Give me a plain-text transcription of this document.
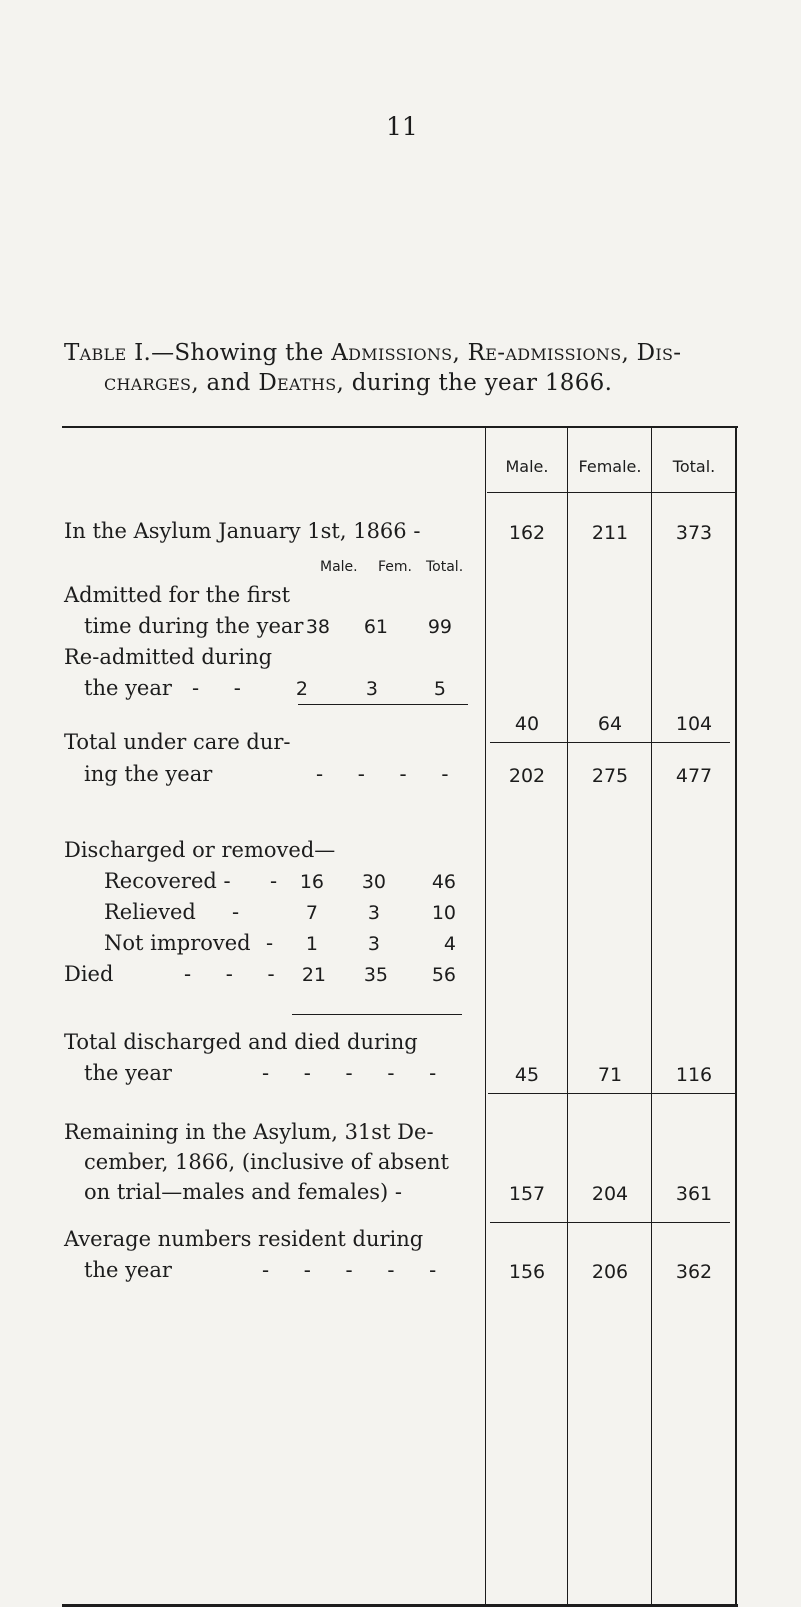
11
Table I.—Showing the Admissions, Re-admissions, Dis-
charges, and Deaths, during the year 1866.
Male.	Female.	Total.
In the Asylum January 1st, 1866 -	162	211	373
Male. Fem. Total.
Admitted for the first
time during the year 38	61	99
Re-admitted during
the year - -	2	3	5
40	64	104
Total under care dur-
ing the year	- - - -	202	275	477
Discharged or removed—
Recovered - -	16	30	46
Relieved -	7	3	10
Not improved -	1	3	4
Died	- - - 21	35	56
Total discharged and died during
the year	- - - - -	45	71	116
Remaining in the Asylum, 31st De-
cember, 1866, (inclusive of absent
on trial—males and females) -	157	204	361
Average numbers resident during
the year	- - - - -	156	206	362
